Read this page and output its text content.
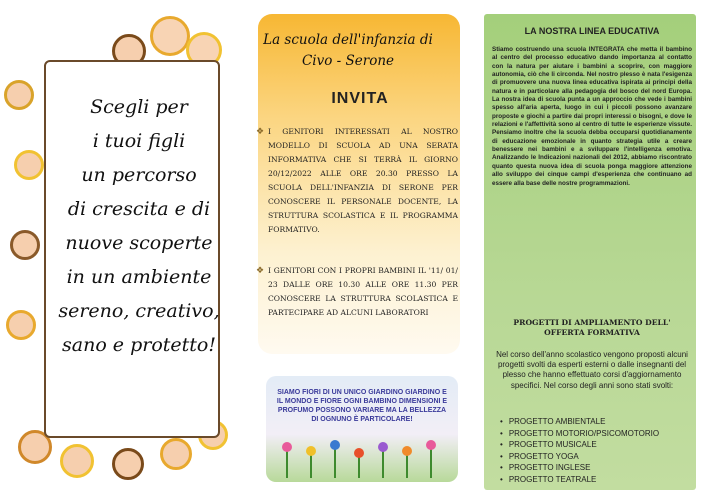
Scegli per
i tuoi figli
un percorso
di crescita e di
nuove scoperte
in un ambiente
sereno, creativo,
sano e protetto!
La scuola dell'infanzia di
Civo - Serone
INVITA
❖ I GENITORI INTERESSATI AL NOSTRO MODELLO DI SCUOLA AD UNA SERATA INFORMATIVA CHE SI TERRÀ IL GIORNO 20/12/2022 ALLE ORE 20.30 PRESSO LA SCUOLA DELL'INFANZIA DI SERONE PER CONOSCERE IL PERSONALE DOCENTE, LA STRUTTURA SCOLASTICA E IL PROGRAMMA FORMATIVO.
❖ I GENITORI CON I PROPRI BAMBINI IL '11/ 01/ 23 DALLE ORE 10.30 ALLE ORE 11.30 PER CONOSCERE LA STRUTTURA SCOLASTICA E PARTECIPARE AD ALCUNI LABORATORI
SIAMO FIORI DI UN UNICO GIARDINO GIARDINO E IL MONDO E FIORE OGNI BAMBINO DIMENSIONI E PROFUMO POSSONO VARIARE MA LA BELLEZZA DI OGNUNO È PARTICOLARE!
LA NOSTRA LINEA EDUCATIVA
Stiamo costruendo una scuola INTEGRATA che metta il bambino al centro del processo educativo dando importanza al contatto con la natura per aiutare i bambini a scoprire, con maggiore autonomia, ciò che li circonda. Nel nostro plesso è nata l'esigenza di promuovere una nuova linea educativa ispirata ai principi della natura e in particolare alla pedagogia del bosco del nord Europa. La nostra idea di scuola punta a un approccio che vede i bambini spesso all'aria aperta, luogo in cui i piccoli possono avanzare proposte e giochi a partire dai propri interessi o bisogni, e dove le relazioni e l'affettività sono al centro di tutte le esperienze vissute. Pensiamo inoltre che la scuola debba occuparsi quotidianamente di educazione emozionale in quanto strategia utile a creare benessere nei bambini e a sviluppare l'intelligenza emotiva. Analizzando le Indicazioni nazionali del 2012, abbiamo riscontrato quanto questa nuova idea di scuola ponga maggiore attenzione allo sviluppo dei cinque campi d'esperienza che continuano ad essere alla base delle nostre programmazioni.
PROGETTI DI AMPLIAMENTO DELL' OFFERTA FORMATIVA
Nel corso dell'anno scolastico vengono proposti alcuni progetti svolti da esperti esterni o dalle insegnanti del plesso che hanno effettuato corsi d'aggiornamento specifici. Nel corso degli anni sono stati svolti:
• PROGETTO AMBIENTALE
• PROGETTO MOTORIO/PSICOMOTORIO
• PROGETTO MUSICALE
• PROGETTO YOGA
• PROGETTO INGLESE
• PROGETTO TEATRALE
